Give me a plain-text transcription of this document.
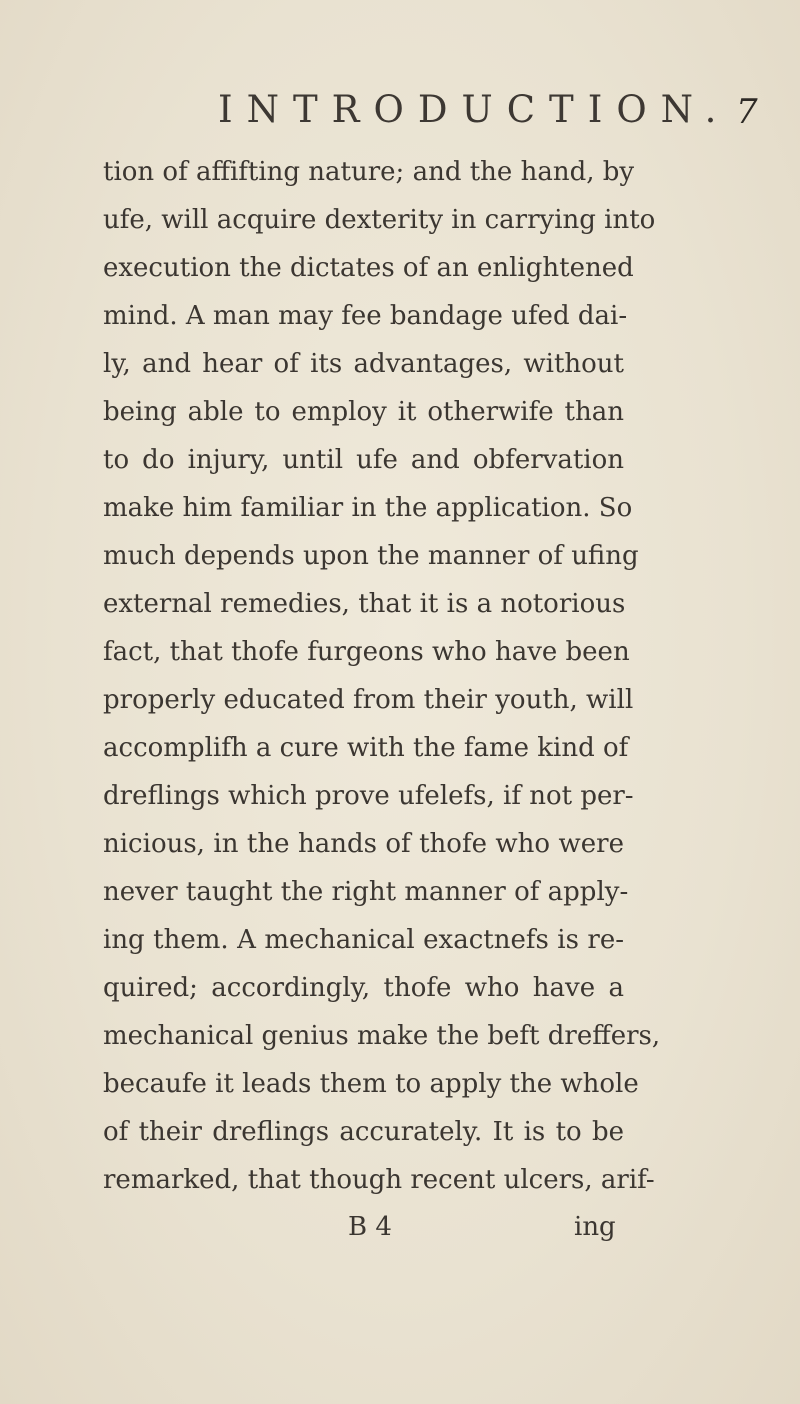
INTRODUCTION. 7
tion of affifting nature; and the hand, by
ufe, will acquire dexterity in carrying into
execution the dictates of an enlightened
mind. A man may fee bandage ufed dai-
ly, and hear of its advantages, without
being able to employ it otherwife than
to do injury, until ufe and obfervation
make him familiar in the application. So
much depends upon the manner of ufing
external remedies, that it is a notorious
fact, that thofe furgeons who have been
properly educated from their youth, will
accomplifh a cure with the fame kind of
dreflings which prove ufelefs, if not per-
nicious, in the hands of thofe who were
never taught the right manner of apply-
ing them. A mechanical exactnefs is re-
quired; accordingly, thofe who have a
mechanical genius make the beft dreffers,
becaufe it leads them to apply the whole
of their dreflings accurately. It is to be
remarked, that though recent ulcers, arif-
B 4	ing
